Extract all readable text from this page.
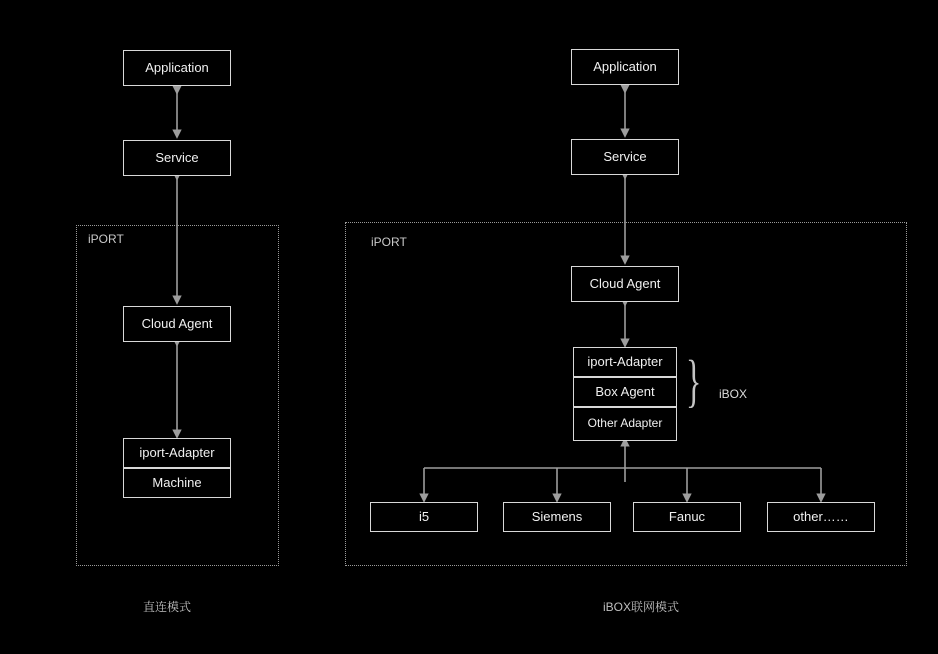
iPORT
Application
Service
Cloud Agent
iport-Adapter
Machine
直连模式
iPORT
Application
Service
Cloud Agent
iport-Adapter
Box Agent
Other Adapter
} iBOX
i5	Siemens	Fanuc	other……
iBOX联网模式
